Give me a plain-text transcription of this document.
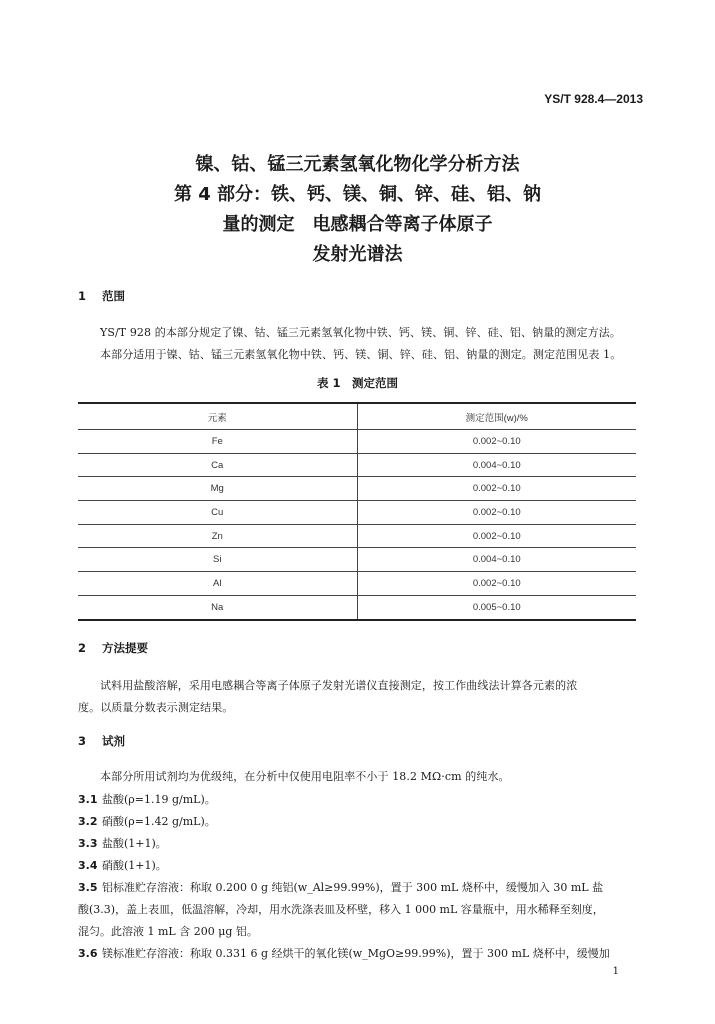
YS/T 928.4—2013
镍、钴、锰三元素氢氧化物化学分析方法
第 4 部分：铁、钙、镁、铜、锌、硅、铝、钠
量的测定　电感耦合等离子体原子
发射光谱法
1 范围
YS/T 928 的本部分规定了镍、钴、锰三元素氢氧化物中铁、钙、镁、铜、锌、硅、铝、钠量的测定方法。
本部分适用于镍、钴、锰三元素氢氧化物中铁、钙、镁、铜、锌、硅、铝、钠量的测定。测定范围见表 1。
表 1　测定范围
元素	测定范围(w)/%
Fe	0.002~0.10
Ca	0.004~0.10
Mg	0.002~0.10
Cu	0.002~0.10
Zn	0.002~0.10
Si	0.004~0.10
Al	0.002~0.10
Na	0.005~0.10
2 方法提要
试料用盐酸溶解，采用电感耦合等离子体原子发射光谱仪直接测定，按工作曲线法计算各元素的浓
度。以质量分数表示测定结果。
3 试剂
本部分所用试剂均为优级纯，在分析中仅使用电阻率不小于 18.2 MΩ·cm 的纯水。
3.1 盐酸(ρ=1.19 g/mL)。
3.2 硝酸(ρ=1.42 g/mL)。
3.3 盐酸(1+1)。
3.4 硝酸(1+1)。
3.5 铝标准贮存溶液：称取 0.200 0 g 纯铝(w_Al≥99.99%)，置于 300 mL 烧杯中，缓慢加入 30 mL 盐
酸(3.3)，盖上表皿，低温溶解，冷却，用水洗涤表皿及杯壁，移入 1 000 mL 容量瓶中，用水稀释至刻度，
混匀。此溶液 1 mL 含 200 μg 铝。
3.6 镁标准贮存溶液：称取 0.331 6 g 经烘干的氧化镁(w_MgO≥99.99%)，置于 300 mL 烧杯中，缓慢加
1
